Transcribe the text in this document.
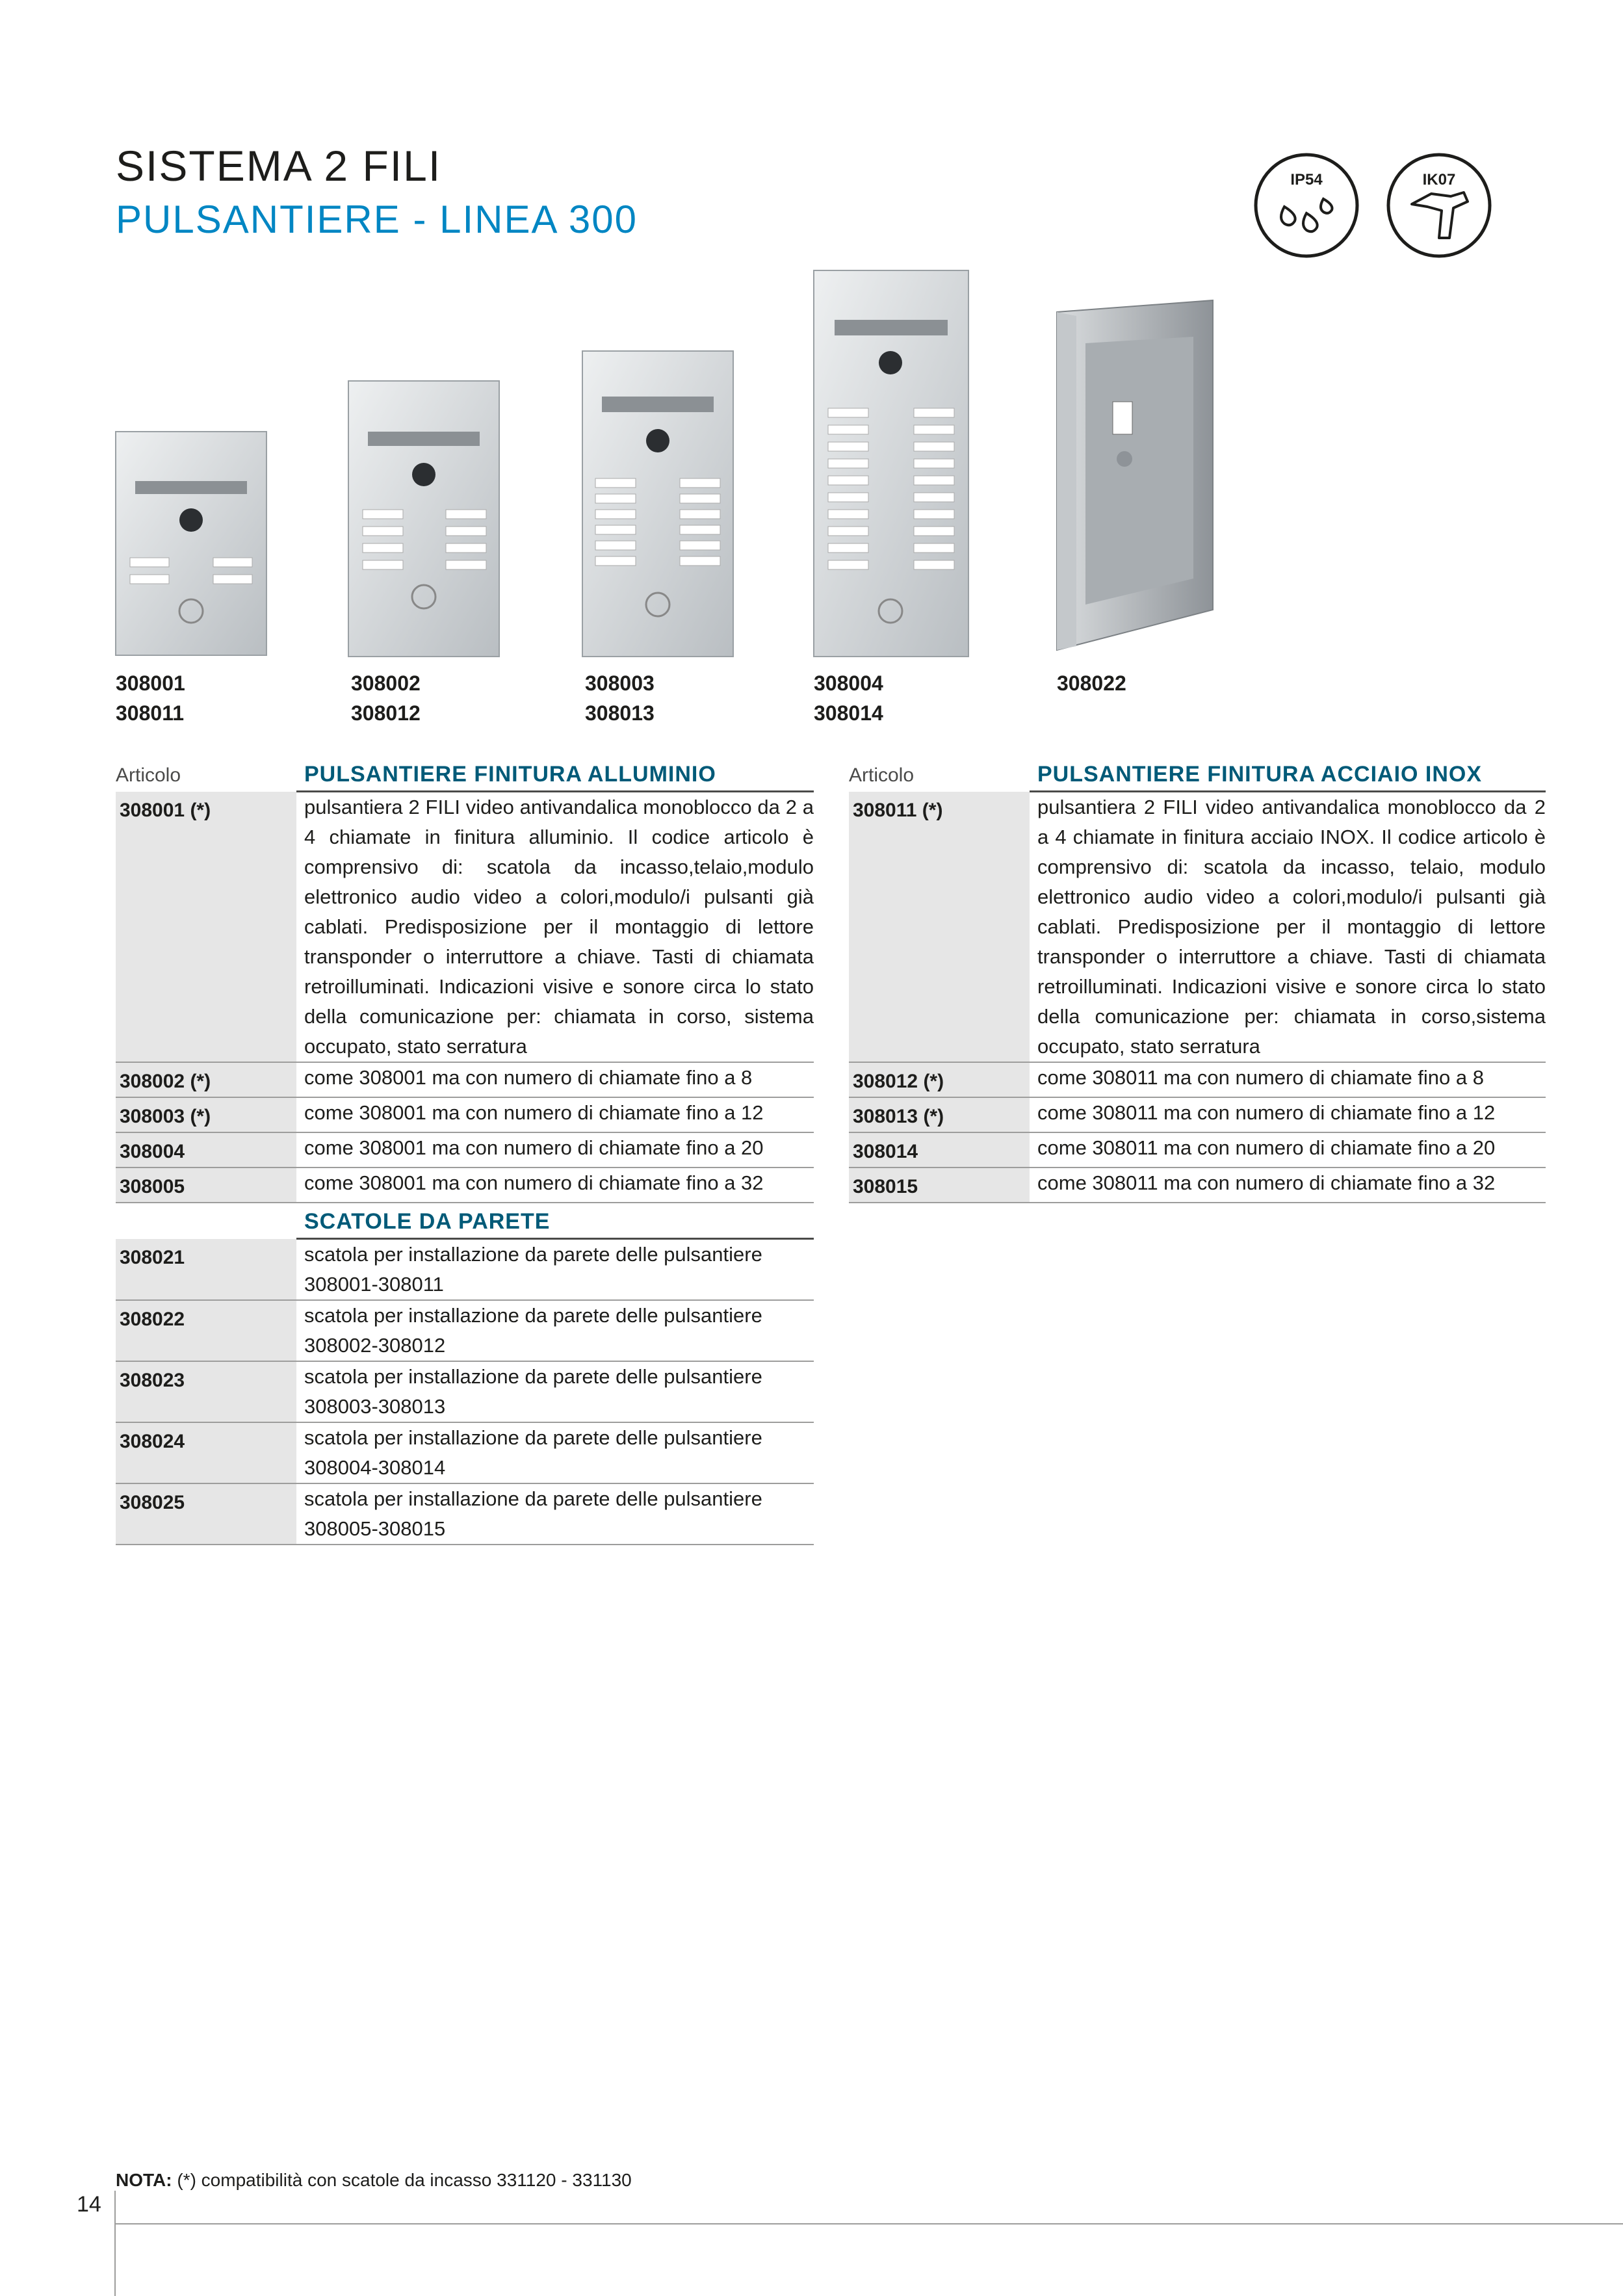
SISTEMA 2 FILI
PULSANTIERE - LINEA 300
IP54	IK07
308001
308011
308002
308012
308003
308013
308004
308014
308022
Articolo	PULSANTIERE FINITURA ALLUMINIO
308001 (*)	pulsantiera 2 FILI video antivandalica monoblocco da 2 a 4 chiamate in finitura alluminio. Il codice articolo è comprensivo di: scatola da incasso,telaio,modulo elettronico audio video a colori,modulo/i pulsanti già cablati. Predisposizione per il montaggio di lettore transponder o interruttore a chiave. Tasti di chiamata retroilluminati. Indicazioni visive e sonore circa lo stato della comunicazione per: chiamata in corso, sistema occupato, stato serratura
308002 (*)	come 308001 ma con numero di chiamate fino a 8
308003 (*)	come 308001 ma con numero di chiamate fino a 12
308004	come 308001 ma con numero di chiamate fino a 20
308005	come 308001 ma con numero di chiamate fino a 32
Articolo	PULSANTIERE FINITURA ACCIAIO INOX
308011 (*)	pulsantiera 2 FILI video antivandalica monoblocco da 2 a 4 chiamate in finitura acciaio INOX. Il codice articolo è comprensivo di: scatola da incasso, telaio, modulo elettronico audio video a colori,modulo/i pulsanti già cablati. Predisposizione per il montaggio di lettore transponder o interruttore a chiave. Tasti di chiamata retroilluminati. Indicazioni visive e sonore circa lo stato della comunicazione per: chiamata in corso,sistema occupato, stato serratura
308012 (*)	come 308011 ma con numero di chiamate fino a 8
308013 (*)	come 308011 ma con numero di chiamate fino a 12
308014	come 308011 ma con numero di chiamate fino a 20
308015	come 308011 ma con numero di chiamate fino a 32
	SCATOLE DA PARETE
308021	scatola per installazione da parete delle pulsantiere
308001-308011

308022	scatola per installazione da parete delle pulsantiere
308002-308012

308023	scatola per installazione da parete delle pulsantiere
308003-308013

308024	scatola per installazione da parete delle pulsantiere
308004-308014

308025	scatola per installazione da parete delle pulsantiere
308005-308015
NOTA: (*) compatibilità con scatole da incasso 331120 - 331130
14
